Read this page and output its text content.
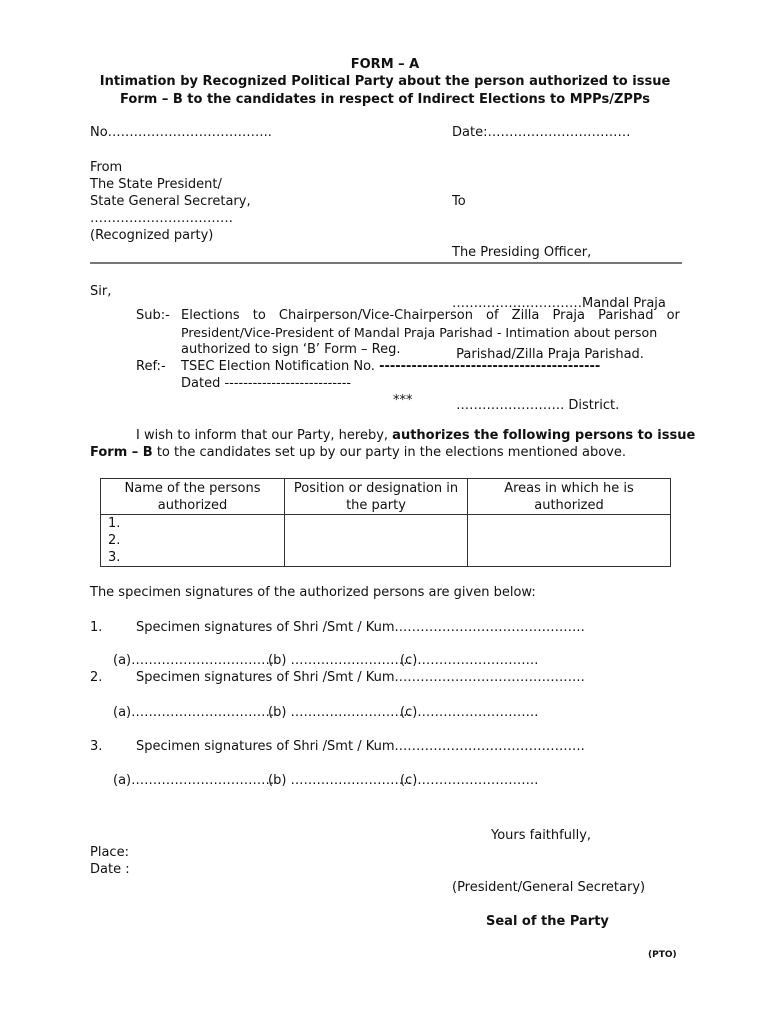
FORM – A
Intimation by Recognized Political Party about the person authorized to issue
Form – B to the candidates in respect of Indirect Elections to MPPs/ZPPs
No………………………………..	Date:……………………………
From
The State President/
State General Secretary,
……………………………
(Recognized party)

To

The Presiding Officer,

…………………………Mandal Praja

Parishad/Zilla Praja Parishad.

……………………. District.

Sir,
Sub:- Elections to Chairperson/Vice-Chairperson of Zilla Praja Parishad or
President/Vice-President of Mandal Praja Parishad - Intimation about person
authorized to sign ‘B’ Form – Reg.
Ref:- TSEC Election Notification No. -----------------------------------------
Dated ---------------------------
***
I wish to inform that our Party, hereby, authorizes the following persons to issue
Form – B to the candidates set up by our party in the elections mentioned above.
Name of the persons authorized	Position or designation in the party	Areas in which he is authorized

1.
2.
3.		

The specimen signatures of the authorized persons are given below:
1.	Specimen signatures of Shri /Smt / Kum.…………………………………….
(a)……………………………
(b) ……………………….
(c)……………………….
2.	Specimen signatures of Shri /Smt / Kum.…………………………………….
(a)……………………………
(b) ……………………….
(c)……………………….
3.	Specimen signatures of Shri /Smt / Kum.…………………………………….
(a)……………………………
(b) ……………………….
(c)……………………….
Yours faithfully,
Place:
Date :
(President/General Secretary)
Seal of the Party
(PTO)
